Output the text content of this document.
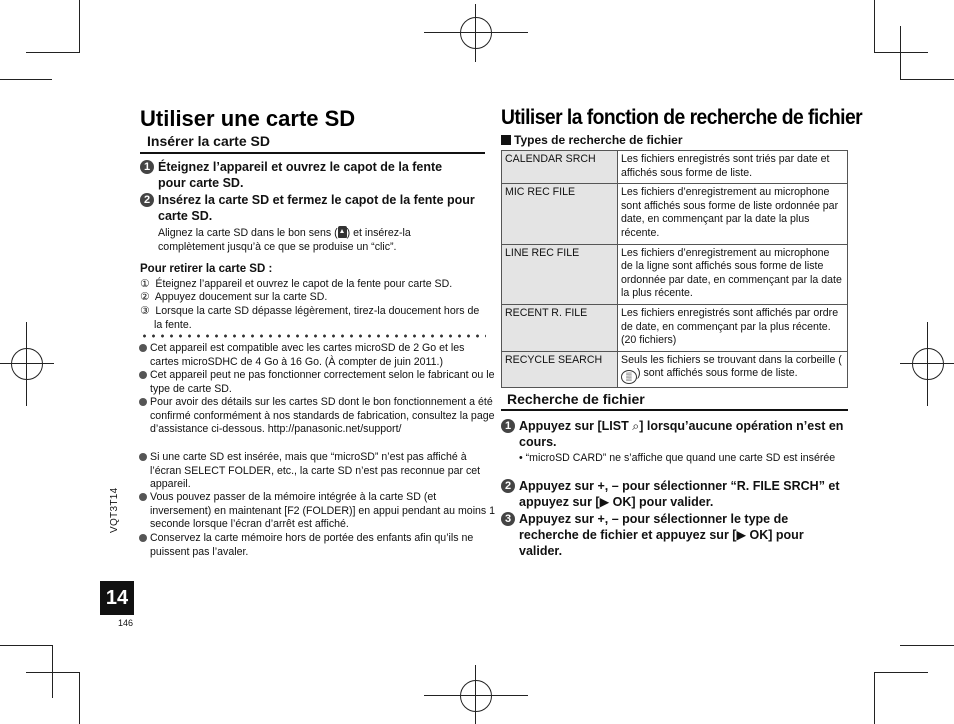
Utiliser une carte SD
Insérer la carte SD
1 Éteignez l’appareil et ouvrez le capot de la fente pour carte SD.
2 Insérez la carte SD et fermez le capot de la fente pour carte SD.
Alignez la carte SD dans le bon sens ( ) et insérez-la complètement jusqu’à ce que se produise un “clic”.
Pour retirer la carte SD :
① Éteignez l’appareil et ouvrez le capot de la fente pour carte SD.
② Appuyez doucement sur la carte SD.
③ Lorsque la carte SD dépasse légèrement, tirez-la doucement hors de la fente.
Cet appareil est compatible avec les cartes microSD de 2 Go et les cartes microSDHC de 4 Go à 16 Go. (À compter de juin 2011.)
Cet appareil peut ne pas fonctionner correctement selon le fabricant ou le type de carte SD.
Pour avoir des détails sur les cartes SD dont le bon fonctionnement a été confirmé conformément à nos standards de fabrication, consultez la page d’assistance ci-dessous. http://panasonic.net/support/
Si une carte SD est insérée, mais que “microSD” n’est pas affiché à l’écran SELECT FOLDER, etc., la carte SD n’est pas reconnue par cet appareil.
Vous pouvez passer de la mémoire intégrée à la carte SD (et inversement) en maintenant [F2 (FOLDER)] en appui pendant au moins 1 seconde lorsque l’écran d’arrêt est affiché.
Conservez la carte mémoire hors de portée des enfants afin qu’ils ne puissent pas l’avaler.
VQT3T14
14
146
Utiliser la fonction de recherche de fichier
Types de recherche de fichier
CALENDAR SRCH	Les fichiers enregistrés sont triés par date et affichés sous forme de liste.
MIC REC FILE	Les fichiers d’enregistrement au microphone sont affichés sous forme de liste ordonnée par date, en commençant par la date la plus récente.
LINE REC FILE	Les fichiers d’enregistrement au microphone de la ligne sont affichés sous forme de liste ordonnée par date, en commençant par la date la plus récente.
RECENT R. FILE	Les fichiers enregistrés sont affichés par ordre de date, en commençant par la plus récente. (20 fichiers)
RECYCLE SEARCH	Seuls les fichiers se trouvant dans la corbeille (▒ ) sont affichés sous forme de liste.
Recherche de fichier
1 Appuyez sur [LIST ⌕] lorsqu’aucune opération n’est en cours.
• “microSD CARD” ne s’affiche que quand une carte SD est insérée
2 Appuyez sur +, – pour sélectionner “R. FILE SRCH” et appuyez sur [▶ OK] pour valider.
3 Appuyez sur +, – pour sélectionner le type de recherche de fichier et appuyez sur [▶ OK] pour valider.
